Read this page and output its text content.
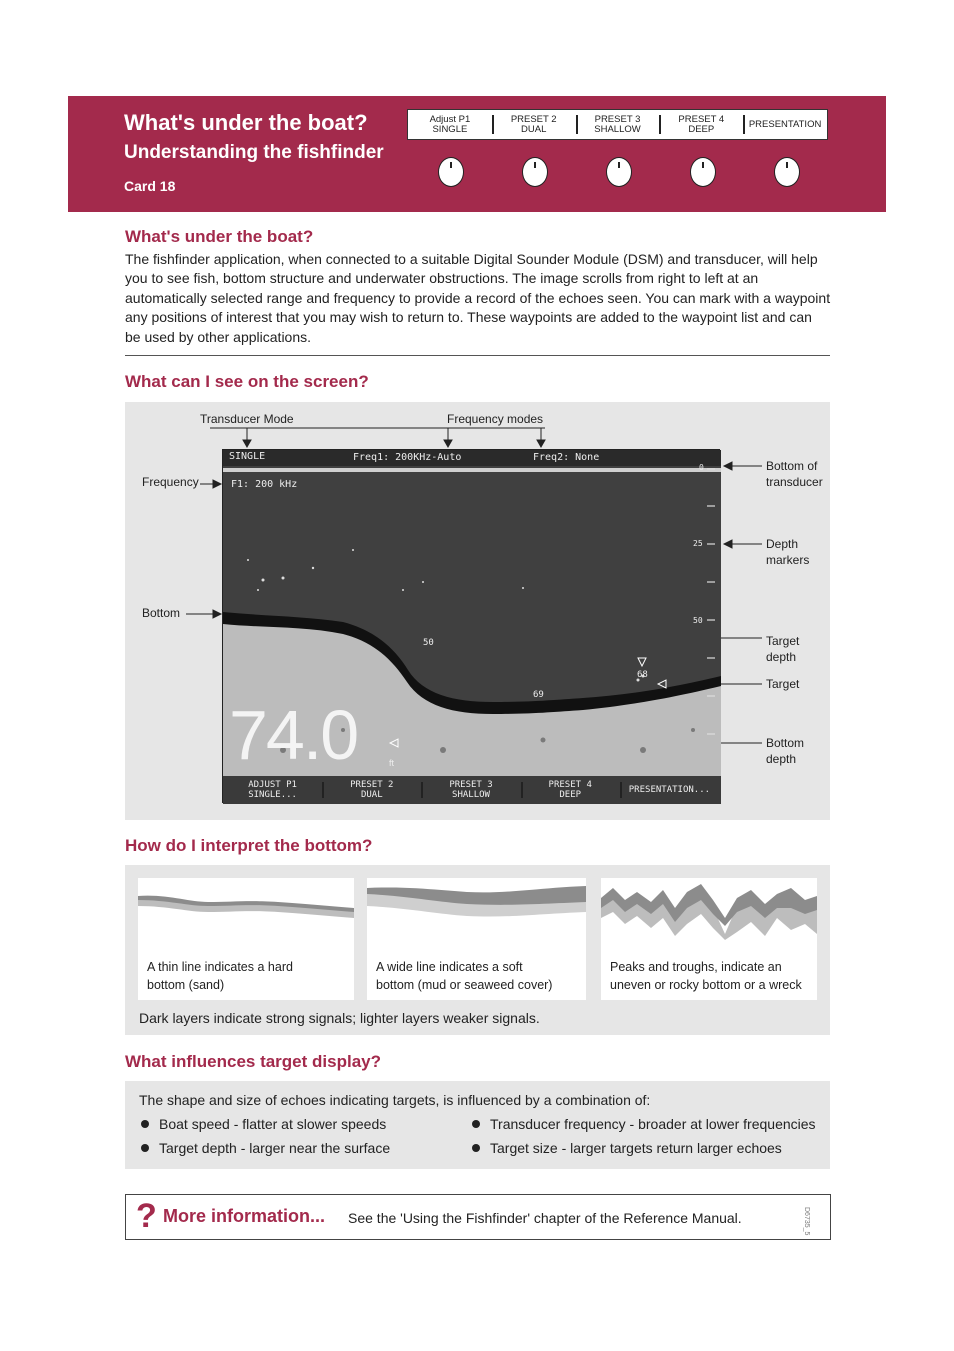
What's under the boat?
Understanding the fishfinder
Card 18
Adjust P1
SINGLE
PRESET 2
DUAL
PRESET 3
SHALLOW
PRESET 4
DEEP	PRESENTATION
What's under the boat?
The fishfinder application, when connected to a suitable Digital Sounder Module (DSM) and transducer, will help you to see fish, bottom structure and underwater obstructions. The image scrolls from right to left at an automatically selected range and frequency to provide a record of the echoes seen. You can mark with a waypoint any positions of interest that you may wish to return to. These waypoints are added to the waypoint list and can be used by other applications.
What can I see on the screen?
Transducer Mode	Frequency modes
Frequency
Bottom
Bottom of
transducer
Depth
markers
Target
depth
Target
Bottom
depth
SINGLE	Freq1: 200KHz-Auto	Freq2: None
F1: 200 kHz
0
25
50
50
68
69
74.0	ft
ADJUST P1
SINGLE...
PRESET 2
DUAL
PRESET 3
SHALLOW
PRESET 4
DEEP	PRESENTATION...
How do I interpret the bottom?
A thin line indicates a hard
bottom (sand)
A wide line indicates a soft
bottom (mud or seaweed cover)
Peaks and troughs, indicate an
uneven or rocky bottom or a wreck
Dark layers indicate strong signals; lighter layers weaker signals.
What influences target display?
The shape and size of echoes indicating targets, is influenced by a combination of:
Boat speed - flatter at slower speeds
Target depth - larger near the surface
Transducer frequency - broader at lower frequencies
Target size - larger targets return larger echoes
? More information... See the 'Using the Fishfinder' chapter of the Reference Manual.	D6735_5
